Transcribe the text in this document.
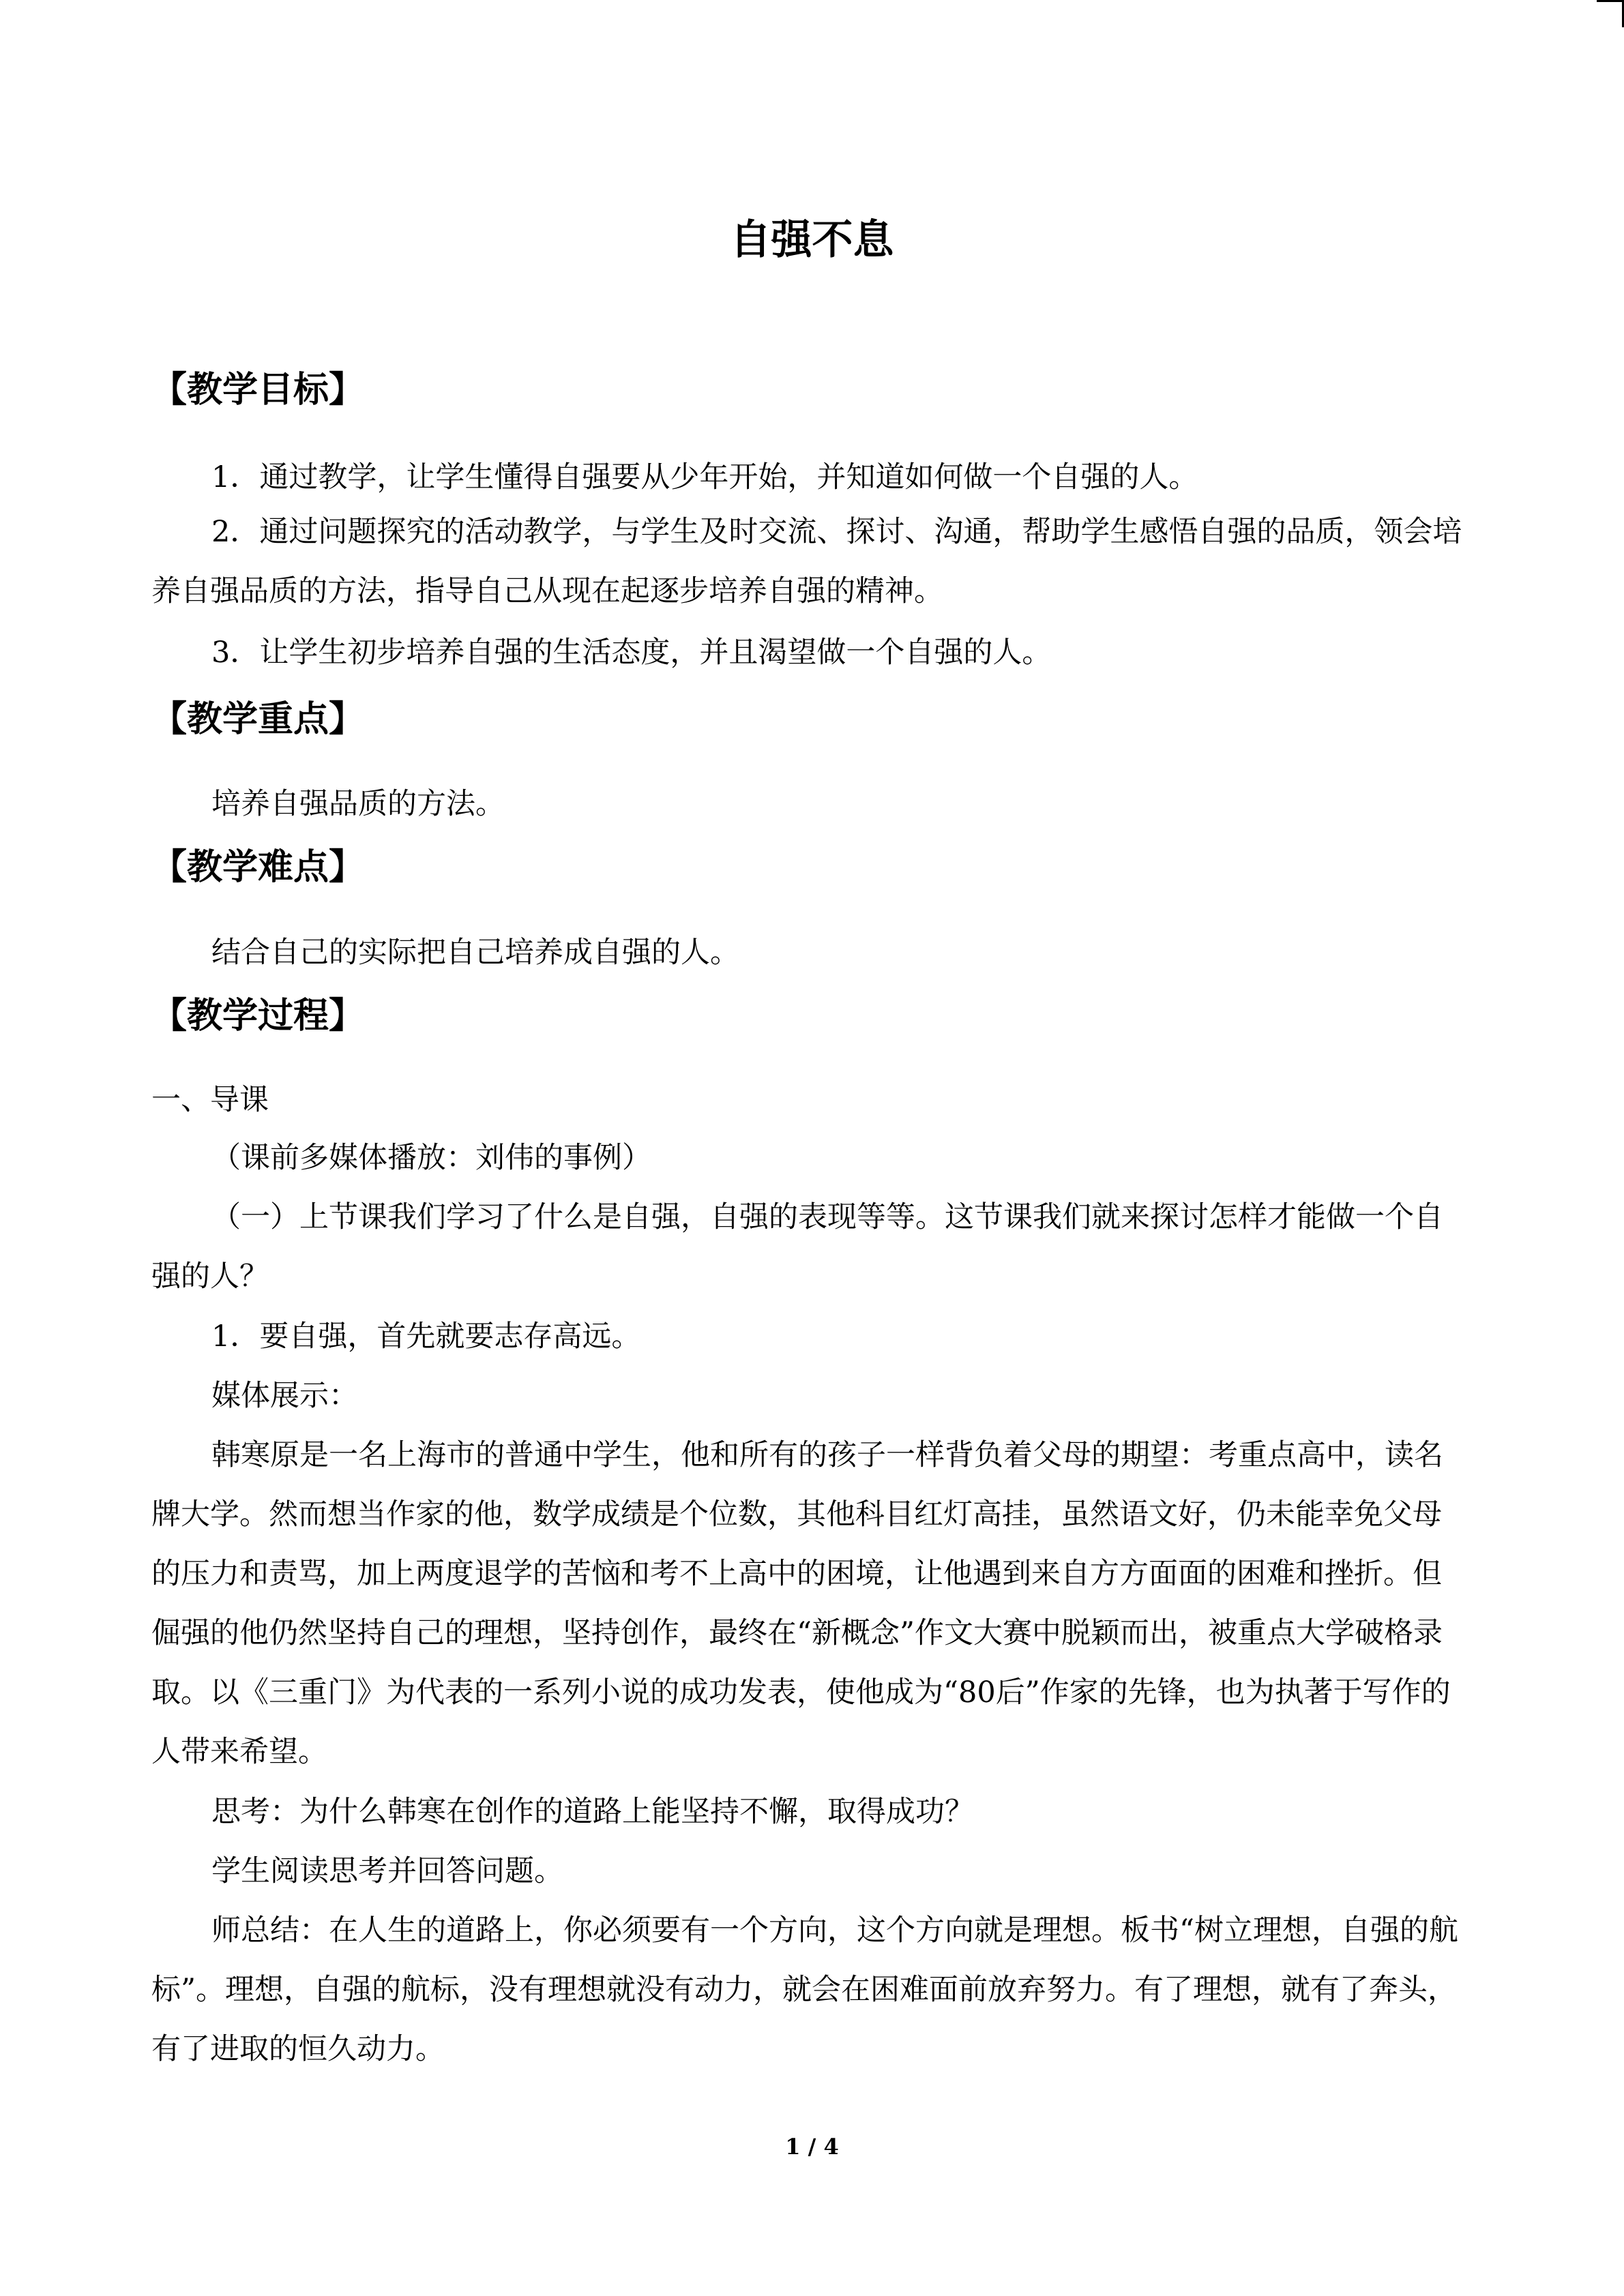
自强不息
【教学目标】
1．通过教学，让学生懂得自强要从少年开始，并知道如何做一个自强的人。
2．通过问题探究的活动教学，与学生及时交流、探讨、沟通，帮助学生感悟自强的品质，领会培养自强品质的方法，指导自己从现在起逐步培养自强的精神。
3．让学生初步培养自强的生活态度，并且渴望做一个自强的人。
【教学重点】
培养自强品质的方法。
【教学难点】
结合自己的实际把自己培养成自强的人。
【教学过程】
一、导课
（课前多媒体播放：刘伟的事例）
（一）上节课我们学习了什么是自强，自强的表现等等。这节课我们就来探讨怎样才能做一个自强的人？
1．要自强，首先就要志存高远。
媒体展示：
韩寒原是一名上海市的普通中学生，他和所有的孩子一样背负着父母的期望：考重点高中，读名牌大学。然而想当作家的他，数学成绩是个位数，其他科目红灯高挂，虽然语文好，仍未能幸免父母的压力和责骂，加上两度退学的苦恼和考不上高中的困境，让他遇到来自方方面面的困难和挫折。但倔强的他仍然坚持自己的理想，坚持创作，最终在“新概念”作文大赛中脱颖而出，被重点大学破格录取。以《三重门》为代表的一系列小说的成功发表，使他成为“80后”作家的先锋，也为执著于写作的人带来希望。
思考：为什么韩寒在创作的道路上能坚持不懈，取得成功？
学生阅读思考并回答问题。
师总结：在人生的道路上，你必须要有一个方向，这个方向就是理想。板书“树立理想，自强的航标”。理想，自强的航标，没有理想就没有动力，就会在困难面前放弃努力。有了理想，就有了奔头，有了进取的恒久动力。
1 / 4
